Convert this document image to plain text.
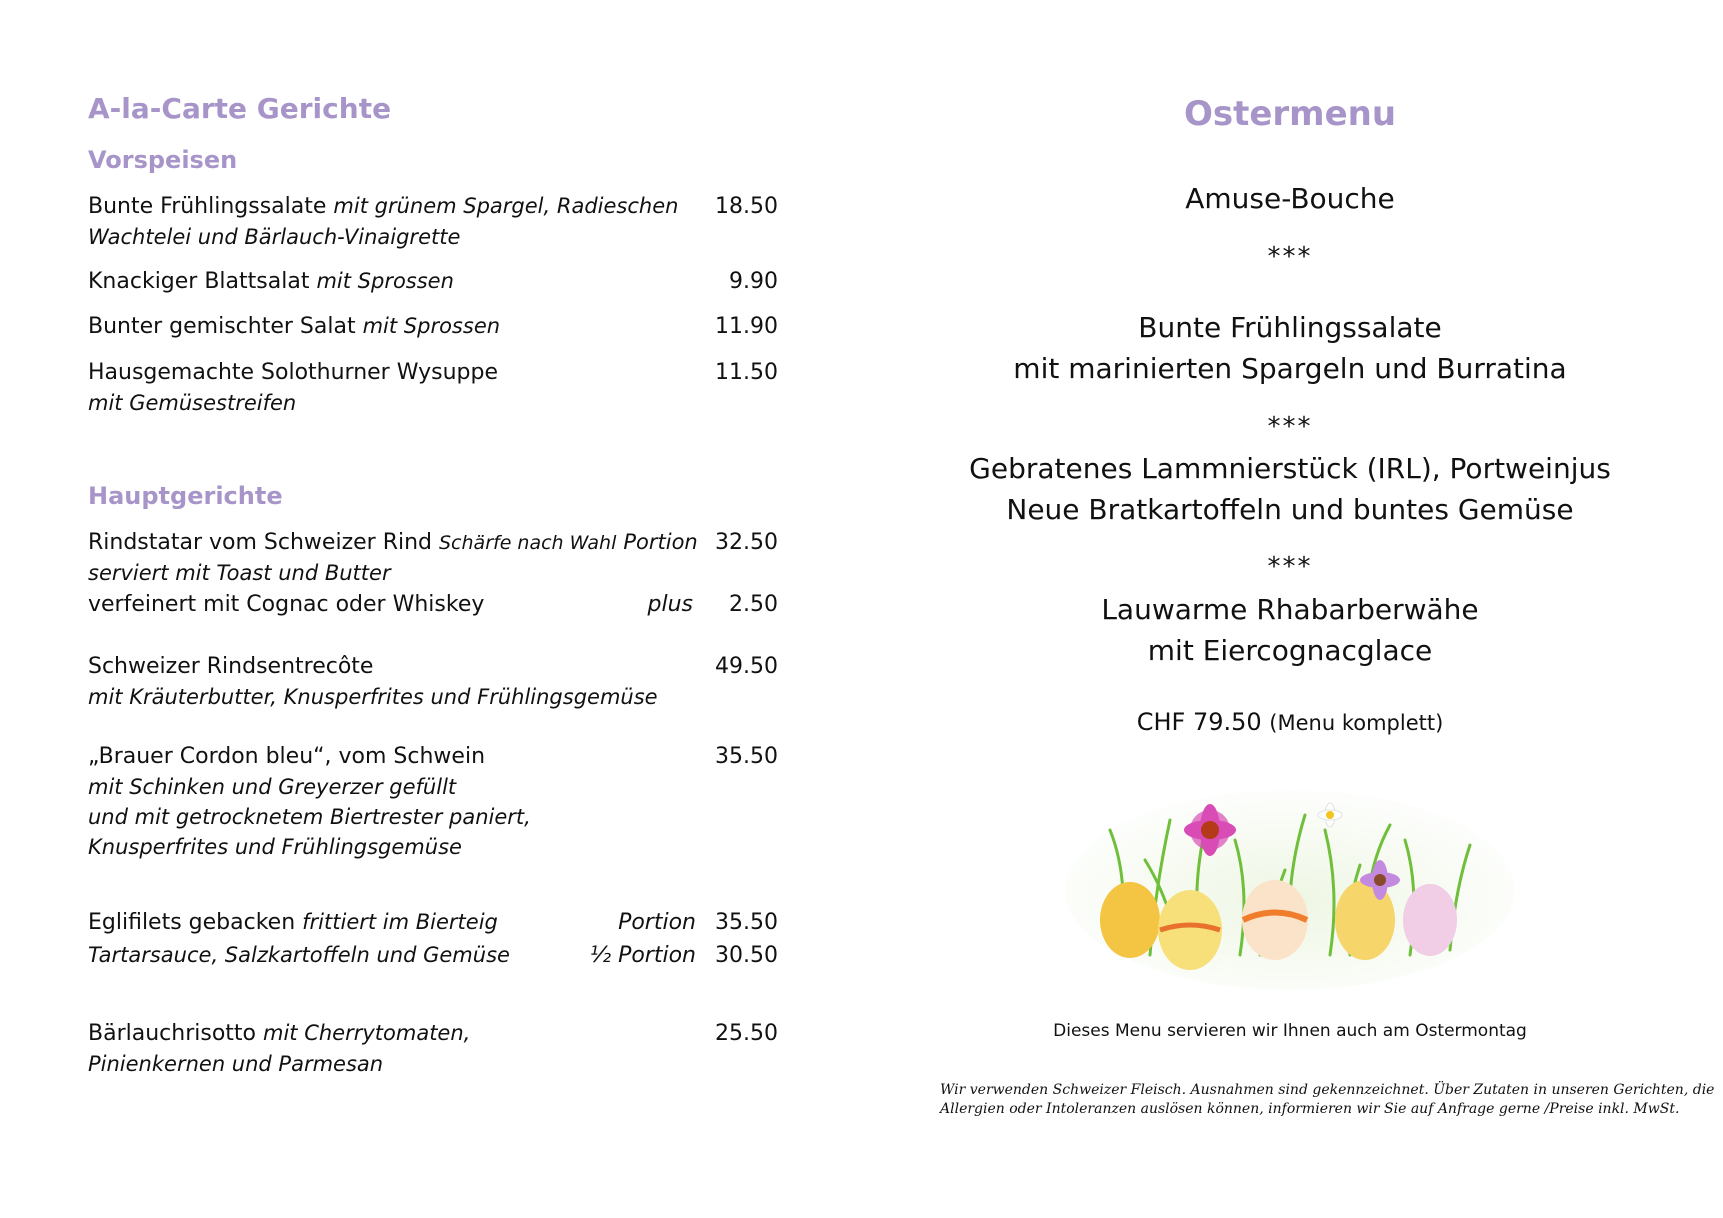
A-la-Carte Gerichte
Vorspeisen
Bunte Frühlingssalate mit grünem Spargel, Radieschen
Wachtelei und Bärlauch-Vinaigrette
18.50
Knackiger Blattsalat mit Sprossen	9.90
Bunter gemischter Salat mit Sprossen	11.90
Hausgemachte Solothurner Wysuppe
mit Gemüsestreifen
11.50
Hauptgerichte
Rindstatar vom Schweizer Rind Schärfe nach Wahl Portion 32.50
serviert mit Toast und Butter
verfeinert mit Cognac oder Whiskey	plus	2.50
Schweizer Rindsentrecôte	49.50
mit Kräuterbutter, Knusperfrites und Frühlingsgemüse
„Brauer Cordon bleu“, vom Schwein	35.50
mit Schinken und Greyerzer gefüllt
und mit getrocknetem Biertrester paniert,
Knusperfrites und Frühlingsgemüse
Eglifilets gebacken frittiert im Bierteig	Portion 35.50
Tartarsauce, Salzkartoffeln und Gemüse	½ Portion 30.50
Bärlauchrisotto mit Cherrytomaten,	25.50
Pinienkernen und Parmesan
Ostermenu
Amuse-Bouche
***
Bunte Frühlingssalate
mit marinierten Spargeln und Burratina
***
Gebratenes Lammnierstück (IRL), Portweinjus
Neue Bratkartoffeln und buntes Gemüse
***
Lauwarme Rhabarberwähe
mit Eiercognacglace
CHF 79.50 (Menu komplett)
Dieses Menu servieren wir Ihnen auch am Ostermontag
Wir verwenden Schweizer Fleisch. Ausnahmen sind gekennzeichnet. Über Zutaten in unseren Gerichten, die
Allergien oder Intoleranzen auslösen können, informieren wir Sie auf Anfrage gerne /Preise inkl. MwSt.
